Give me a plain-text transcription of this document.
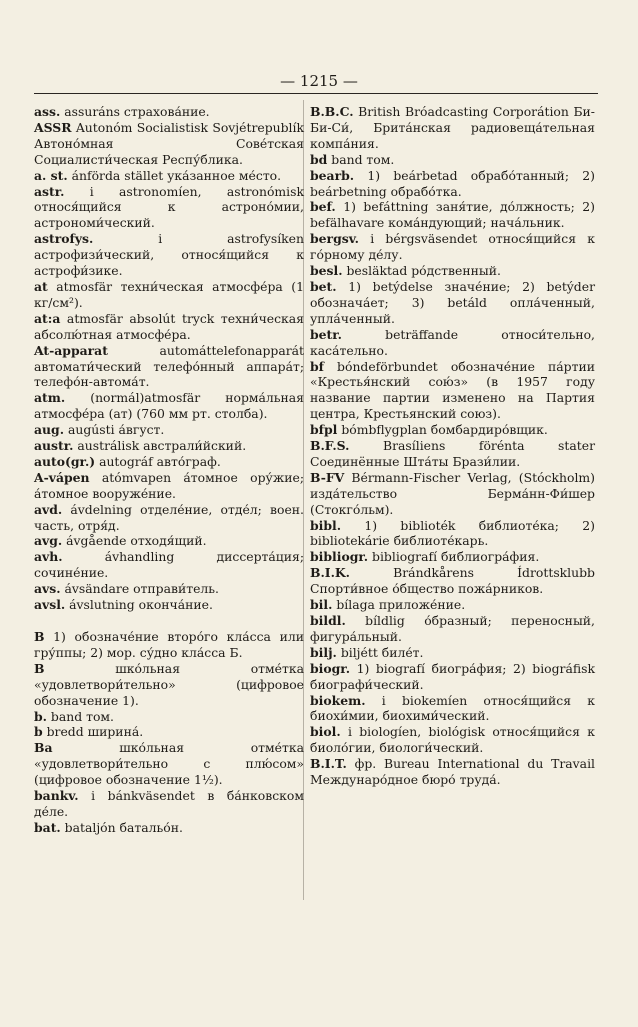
— 1215 —

ass. assuráns страхова́ние.

ASSR Autonóm Socialistisk Sovjétrepublík Автоно́мная Сове́тская Социалисти́ческая Респу́блика.

a. st. ánförda stället ука́занное ме́сто.

astr. i astronomíen, astronómisk относя́щийся к астроно́мии, астрономи́ческий.

astrofys. i astrofysíken астрофизи́ческий, относя́щийся к астрофи́зике.

at atmosfär техни́ческая атмосфе́ра (1 кг/см²).

at:a atmosfär absolút tryck техни́ческая абсолю́тная атмосфе́ра.

At-apparat automáttelefonapparát автомати́ческий телефо́нный аппара́т; телефо́н-автома́т.

atm. (normál)atmosfär норма́льная атмосфе́ра (ат) (760 мм рт. столба).

aug. augústi а́вгуст.

austr. austrálisk австрали́йский.

auto(gr.) autográf авто́граф.

A-vápen atómvapen а́томное ору́жие; а́томное вооруже́ние.

avd. ávdelning отделе́ние, отде́л; воен. часть, отря́д.

avg. ávgående отходя́щий.

avh. ávhandling диссерта́ция; сочине́ние.

avs. ávsändare отправи́тель.

avsl. ávslutning оконча́ние.

B 1) обозначе́ние второ́го кла́сса или гру́ппы; 2) мор. су́дно кла́сса Б.

B шко́льная отме́тка «удовлетвори́тельно» (цифровое обозначение 1).

b. band том.

b bredd ширина́.

Ba шко́льная отме́тка «удовлетвори́тельно с плю́сом» (цифровое обозначение 1½).

bankv. i bánkväsendet в ба́нковском де́ле.

bat. bataljón батальо́н.

B.B.C. British Bróadcasting Corporátion Би-Би-Си́, Брита́нская радиовеща́тельная компа́ния.

bd band том.

bearb. 1) beárbetad обрабо́танный; 2) beárbetning обрабо́тка.

bef. 1) befáttning заня́тие, до́лжность; 2) befälhavare кома́ндующий; нача́льник.

bergsv. i bérgsväsendet относя́щийся к го́рному де́лу.

besl. besläktad ро́дственный.

bet. 1) betýdelse значе́ние; 2) betýder обознача́ет; 3) betáld опла́ченный, упла́ченный.

betr. beträffande относи́тельно, каса́тельно.

bf bóndeförbundet обозначе́ние па́ртии «Крестья́нский сою́з» (в 1957 году название партии изменено на Партия центра, Крестьянский союз).

bfpl bómbflygplan бомбардиро́вщик.

B.F.S. Brasíliens förénta stater Соединённые Шта́ты Брази́лии.

B-FV Bérmann-Fischer Verlag, (Stóckholm) изда́тельство Берма́нн-Фи́шер (Стокго́льм).

bibl. 1) biblioték библиоте́ка; 2) bibliotekárie библиоте́карь.

bibliogr. bibliografí библиогра́фия.

B.I.K. Brándkårens Ídrottsklubb Спорти́вное о́бщество пожа́рников.

bil. bílaga приложе́ние.

bildl. bíldlig о́бразный; переносный, фигура́льный.

bilj. biljétt биле́т.

biogr. 1) biografí биогра́фия; 2) biográfisk биографи́ческий.

biokem. i biokemíen относя́щийся к биохи́мии, биохими́ческий.

biol. i biologíen, biológisk относя́щийся к биоло́гии, биологи́ческий.

B.I.T. фр. Bureau International du Travail Междунаро́дное бюро́ труда́.
